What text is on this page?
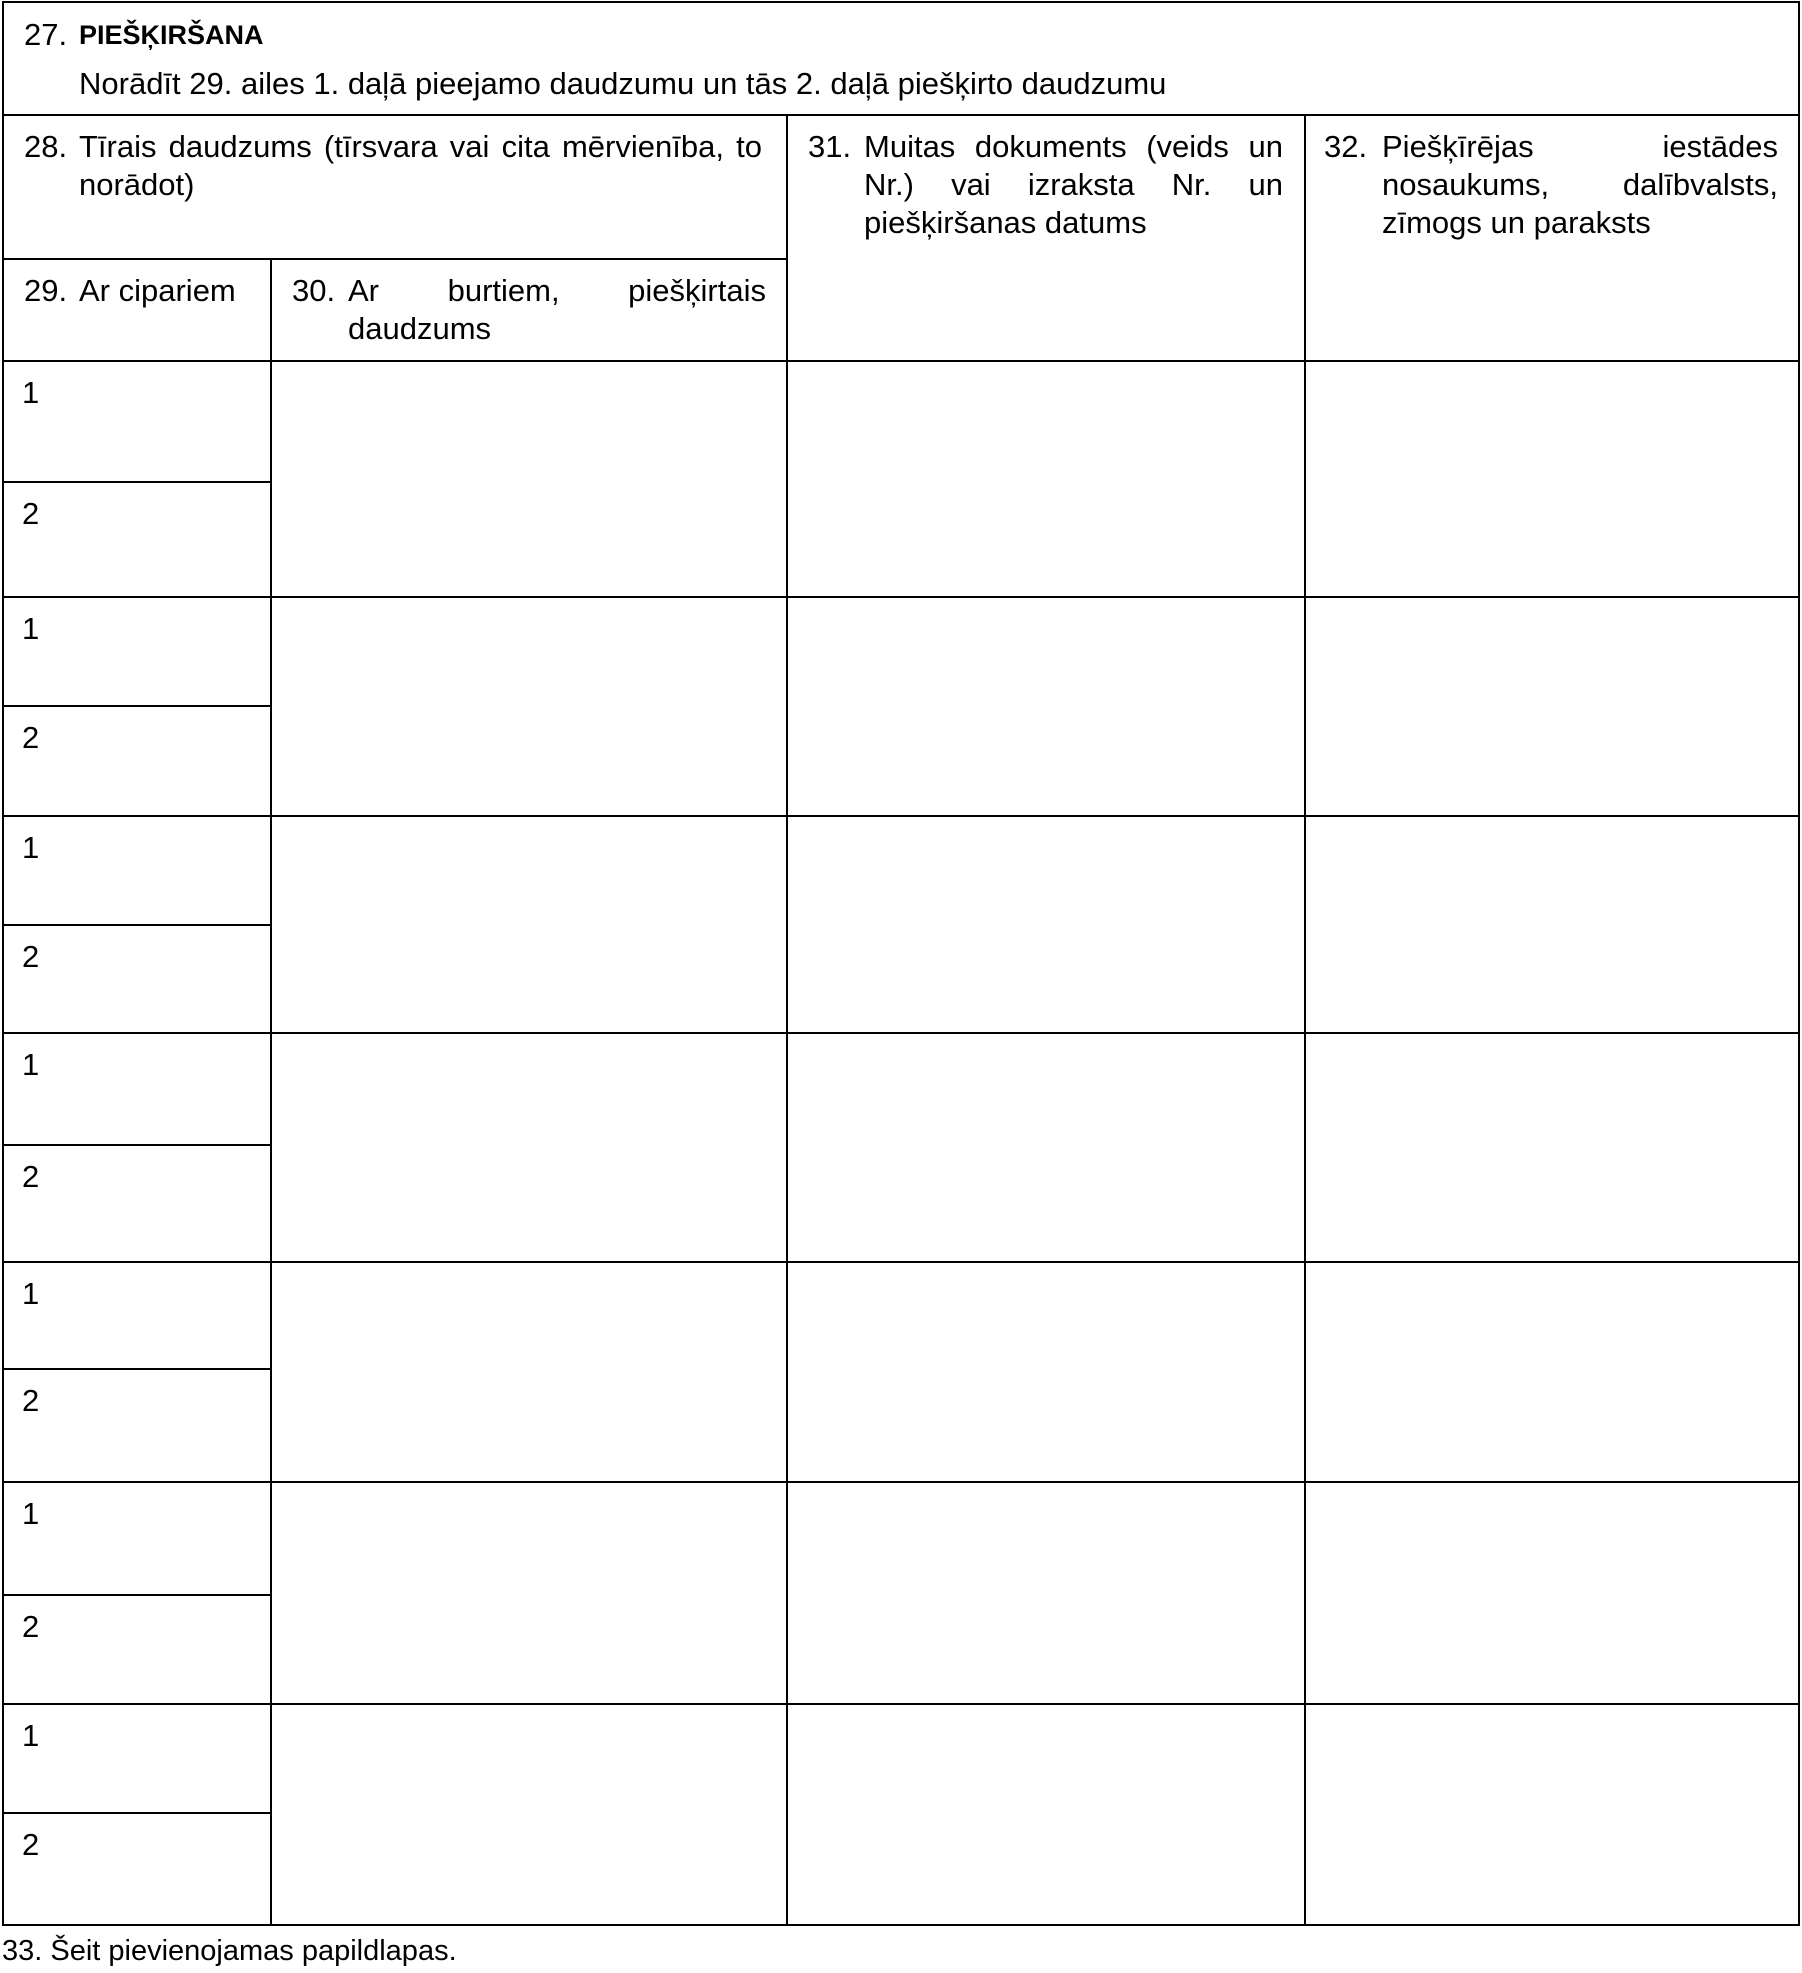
27. PIEŠĶIRŠANA
Norādīt 29. ailes 1. daļā pieejamo daudzumu un tās 2. daļā piešķirto daudzumu
28. Tīrais daudzums (tīrsvara vai cita mērvienība, to norādot)
29. Ar cipariem 30. Ar burtiem, piešķirtais daudzums
31. Muitas dokuments (veids un Nr.) vai izraksta Nr. un piešķiršanas datums
32. Piešķīrējas iestādes nosaukums, dalībvalsts, zīmogs un paraksts
1
2
1
2
1
2
1
2
1
2
1
2
1
2
33. Šeit pievienojamas papildlapas.
